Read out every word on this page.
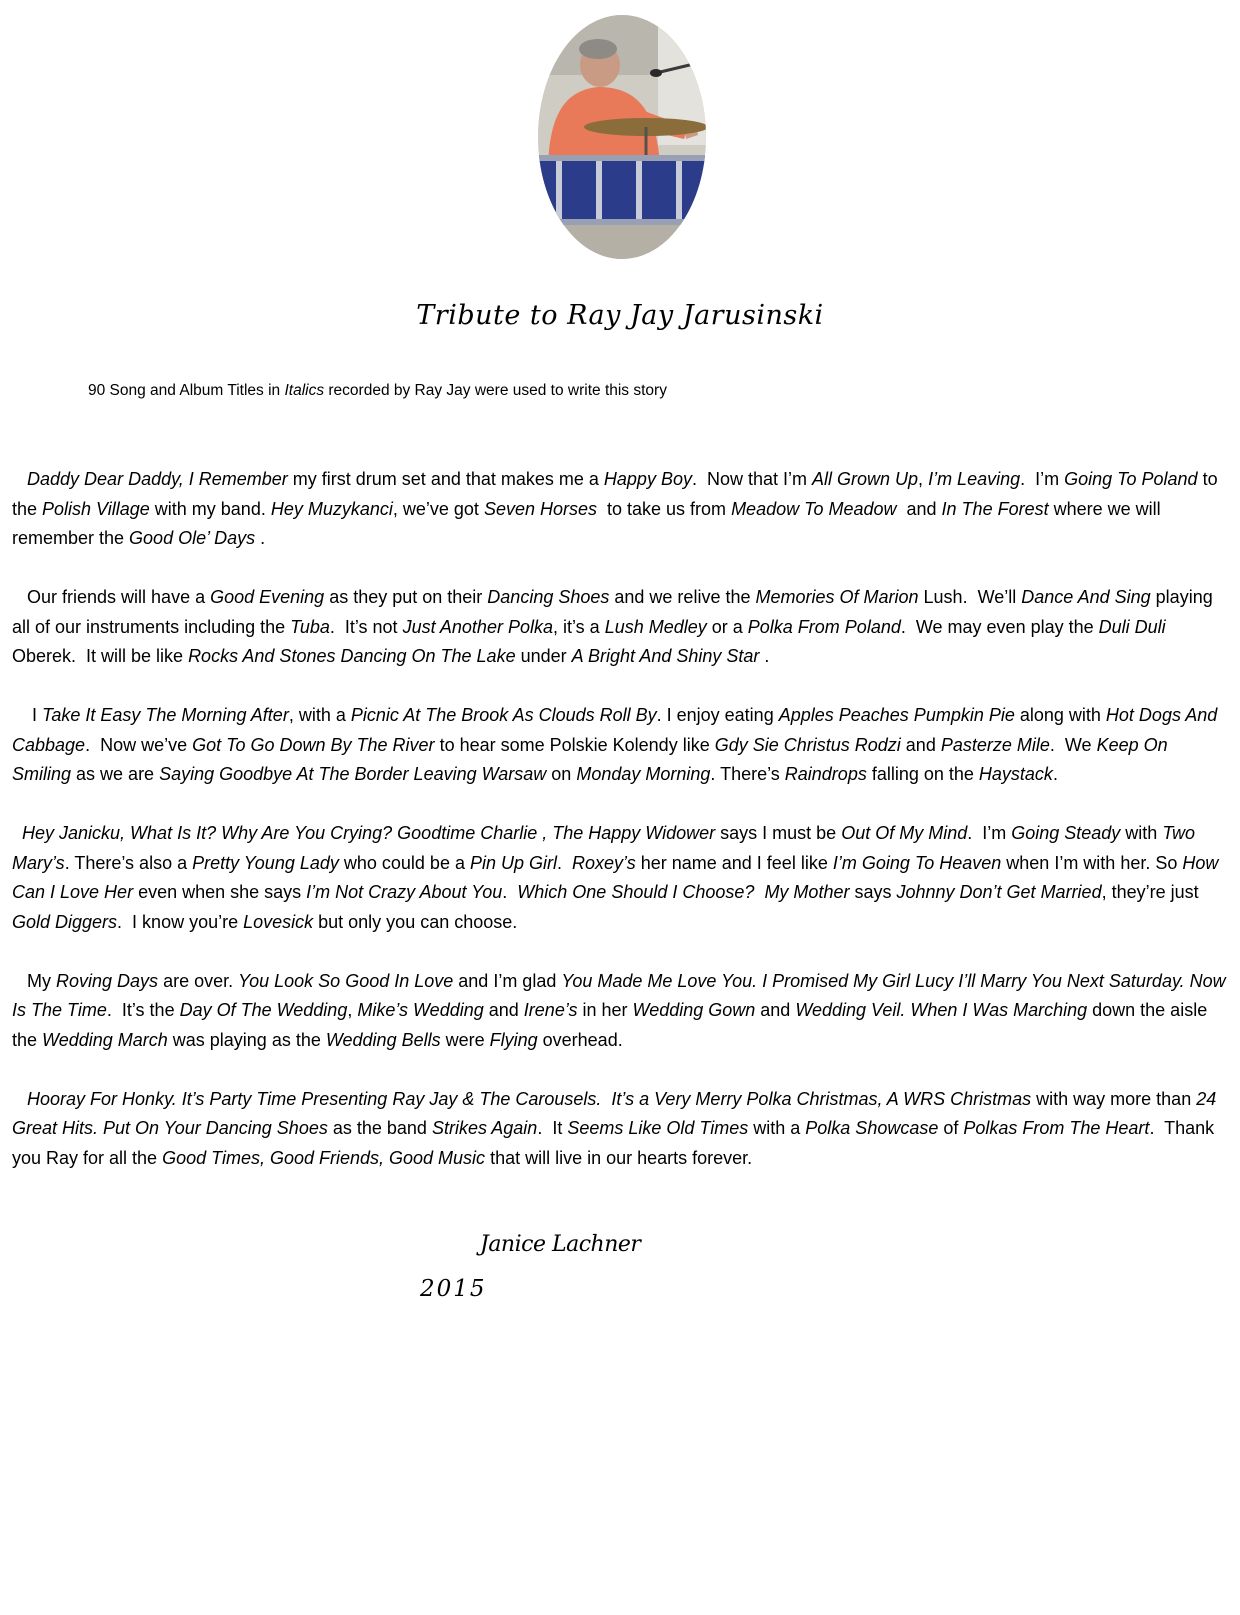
Tribute to Ray Jay Jarusinski
90 Song and Album Titles in Italics recorded by Ray Jay were used to write this story

Daddy Dear Daddy, I Remember my first drum set and that makes me a Happy Boy.  Now that I’m All Grown Up, I’m Leaving.  I’m Going To Poland to the Polish Village with my band. Hey Muzykanci, we’ve got Seven Horses  to take us from Meadow To Meadow  and In The Forest where we will remember the Good Ole’ Days .

Our friends will have a Good Evening as they put on their Dancing Shoes and we relive the Memories Of Marion Lush.  We’ll Dance And Sing playing all of our instruments including the Tuba.  It’s not Just Another Polka, it’s a Lush Medley or a Polka From Poland.  We may even play the Duli Duli Oberek.  It will be like Rocks And Stones Dancing On The Lake under A Bright And Shiny Star .

I Take It Easy The Morning After, with a Picnic At The Brook As Clouds Roll By. I enjoy eating Apples Peaches Pumpkin Pie along with Hot Dogs And Cabbage.  Now we’ve Got To Go Down By The River to hear some Polskie Kolendy like Gdy Sie Christus Rodzi and Pasterze Mile.  We Keep On Smiling as we are Saying Goodbye At The Border Leaving Warsaw on Monday Morning. There’s Raindrops falling on the Haystack.

Hey Janicku, What Is It? Why Are You Crying? Goodtime Charlie , The Happy Widower says I must be Out Of My Mind.  I’m Going Steady with Two Mary’s. There’s also a Pretty Young Lady who could be a Pin Up Girl.  Roxey’s her name and I feel like I’m Going To Heaven when I’m with her. So How Can I Love Her even when she says I’m Not Crazy About You.  Which One Should I Choose? My Mother says Johnny Don’t Get Married, they’re just Gold Diggers.  I know you’re Lovesick but only you can choose.

My Roving Days are over. You Look So Good In Love and I’m glad You Made Me Love You. I Promised My Girl Lucy I’ll Marry You Next Saturday. Now Is The Time.  It’s the Day Of The Wedding, Mike’s Wedding and Irene’s in her Wedding Gown and Wedding Veil. When I Was Marching down the aisle the Wedding March was playing as the Wedding Bells were Flying overhead.

Hooray For Honky. It’s Party Time Presenting Ray Jay & The Carousels.  It’s a Very Merry Polka Christmas, A WRS Christmas with way more than 24 Great Hits. Put On Your Dancing Shoes as the band Strikes Again.  It Seems Like Old Times with a Polka Showcase of Polkas From The Heart.  Thank you Ray for all the Good Times, Good Friends, Good Music that will live in our hearts forever.

Janice Lachner
2015
